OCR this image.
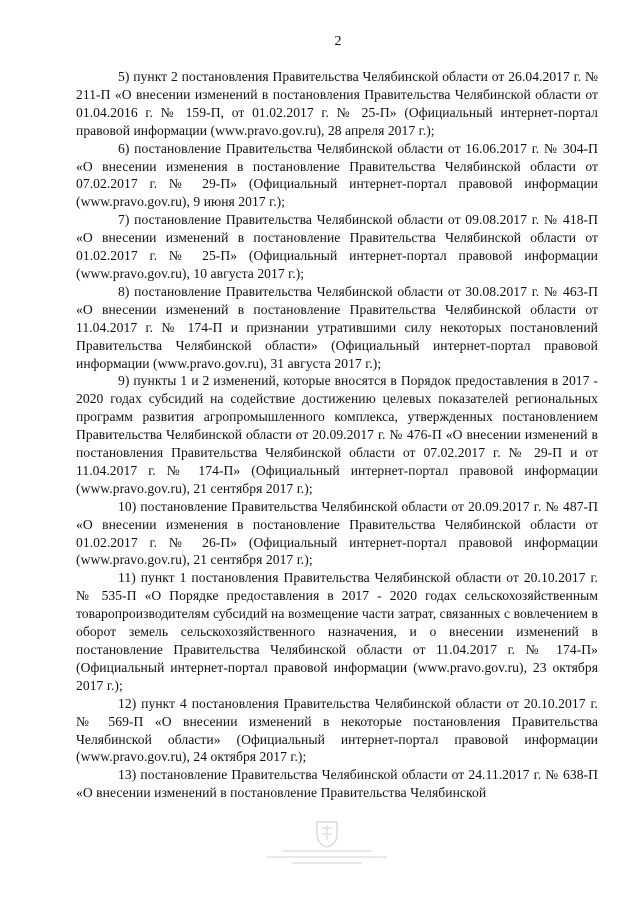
2

5) пункт 2 постановления Правительства Челябинской области от 26.04.2017 г. № 211-П «О внесении изменений в постановления Правительства Челябинской области от 01.04.2016 г. № 159-П, от 01.02.2017 г. № 25-П» (Официальный интернет-портал правовой информации (www.pravo.gov.ru), 28 апреля 2017 г.);

6) постановление Правительства Челябинской области от 16.06.2017 г. № 304-П «О внесении изменения в постановление Правительства Челябинской области от 07.02.2017 г. № 29-П» (Официальный интернет-портал правовой информации (www.pravo.gov.ru), 9 июня 2017 г.);

7) постановление Правительства Челябинской области от 09.08.2017 г. № 418-П «О внесении изменений в постановление Правительства Челябинской области от 01.02.2017 г. № 25-П» (Официальный интернет-портал правовой информации (www.pravo.gov.ru), 10 августа 2017 г.);

8) постановление Правительства Челябинской области от 30.08.2017 г. № 463-П «О внесении изменений в постановление Правительства Челябинской области от 11.04.2017 г. № 174-П и признании утратившими силу некоторых постановлений Правительства Челябинской области» (Официальный интернет-портал правовой информации (www.pravo.gov.ru), 31 августа 2017 г.);

9) пункты 1 и 2 изменений, которые вносятся в Порядок предоставления в 2017 - 2020 годах субсидий на содействие достижению целевых показателей региональных программ развития агропромышленного комплекса, утвержденных постановлением Правительства Челябинской области от 20.09.2017 г. № 476-П «О внесении изменений в постановления Правительства Челябинской области от 07.02.2017 г. № 29-П и от 11.04.2017 г. № 174-П» (Официальный интернет-портал правовой информации (www.pravo.gov.ru), 21 сентября 2017 г.);

10) постановление Правительства Челябинской области от 20.09.2017 г. № 487-П «О внесении изменения в постановление Правительства Челябинской области от 01.02.2017 г. № 26-П» (Официальный интернет-портал правовой информации (www.pravo.gov.ru), 21 сентября 2017 г.);

11) пункт 1 постановления Правительства Челябинской области от 20.10.2017 г. № 535-П «О Порядке предоставления в 2017 - 2020 годах сельскохозяйственным товаропроизводителям субсидий на возмещение части затрат, связанных с вовлечением в оборот земель сельскохозяйственного назначения, и о внесении изменений в постановление Правительства Челябинской области от 11.04.2017 г. № 174-П» (Официальный интернет-портал правовой информации (www.pravo.gov.ru), 23 октября 2017 г.);

12) пункт 4 постановления Правительства Челябинской области от 20.10.2017 г. № 569-П «О внесении изменений в некоторые постановления Правительства Челябинской области» (Официальный интернет-портал правовой информации (www.pravo.gov.ru), 24 октября 2017 г.);

13) постановление Правительства Челябинской области от 24.11.2017 г. № 638-П «О внесении изменений в постановление Правительства Челябинской
